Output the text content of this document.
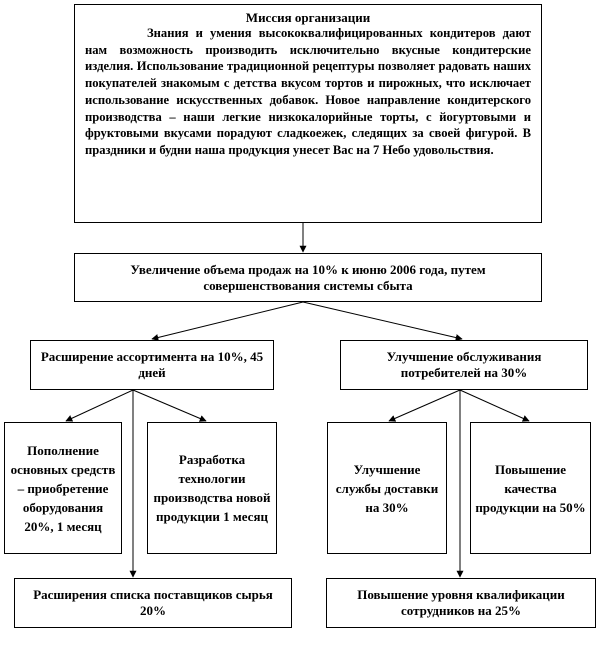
Миссия организации
Знания и умения высококвалифицированных кондитеров дают нам возможность производить исключительно вкусные кондитерские изделия. Использование традиционной рецептуры позволяет радовать наших покупателей знакомым с детства вкусом тортов и пирожных, что исключает использование искусственных добавок. Новое направление кондитерского производства – наши легкие низкокалорийные торты, с йогуртовыми и фруктовыми вкусами порадуют сладкоежек, следящих за своей фигурой. В праздники и будни наша продукция унесет Вас на 7 Небо удовольствия.
Увеличение объема продаж на 10% к июню 2006 года, путем совершенствования системы сбыта
Расширение ассортимента на 10%, 45 дней
Улучшение обслуживания потребителей на 30%
Пополнение основных средств – приобретение оборудования 20%, 1 месяц
Разработка технологии производства новой продукции 1 месяц
Расширения списка поставщиков сырья 20%
Улучшение службы доставки на 30%
Повышение качества продукции на 50%
Повышение уровня квалификации сотрудников на 25%
